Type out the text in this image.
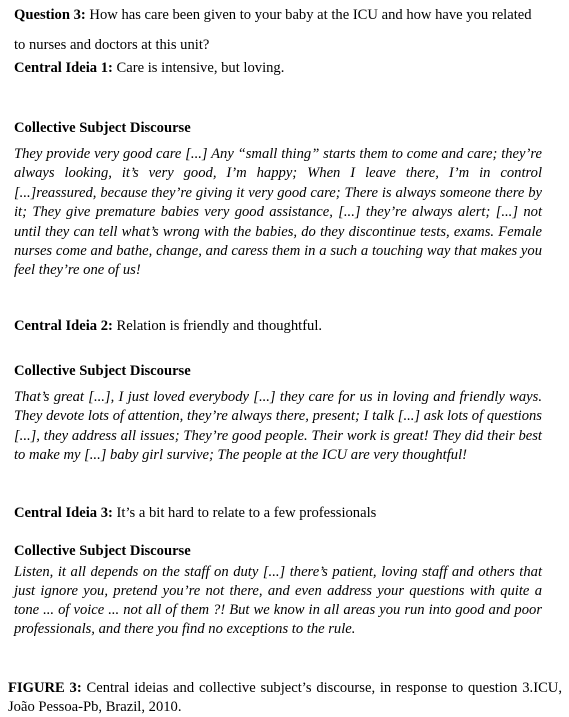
Question 3: How has care been given to your baby at the ICU and how have you related to nurses and doctors at this unit?
Central Ideia 1: Care is intensive, but loving.
Collective Subject Discourse
They provide very good care [...] Any “small thing” starts them to come and care; they’re always looking, it’s very good, I’m happy; When I leave there, I’m in control [...]reassured, because they’re giving it very good care; There is always someone there by it; They give premature babies very good assistance, [...] they’re always alert; [...] not until they can tell what’s wrong with the babies, do they discontinue tests, exams. Female nurses come and bathe, change, and caress them in a such a touching way that makes you feel they’re one of us!
Central Ideia 2: Relation is friendly and thoughtful.
Collective Subject Discourse
That’s great [...], I just loved everybody [...] they care for us in loving and friendly ways. They devote lots of attention, they’re always there, present; I talk [...] ask lots of questions [...], they address all issues; They’re good people. Their work is great! They did their best to make my [...] baby girl survive; The people at the ICU are very thoughtful!
Central Ideia 3: It’s a bit hard to relate to a few professionals
Collective Subject Discourse
Listen, it all depends on the staff on duty [...] there’s patient, loving staff and others that just ignore you, pretend you’re not there, and even address your questions with quite a tone ... of voice ... not all of them ?! But we know in all areas you run into good and poor professionals, and there you find no exceptions to the rule.
FIGURE 3: Central ideias and collective subject’s discourse, in response to question 3.ICU, João Pessoa-Pb, Brazil, 2010.
